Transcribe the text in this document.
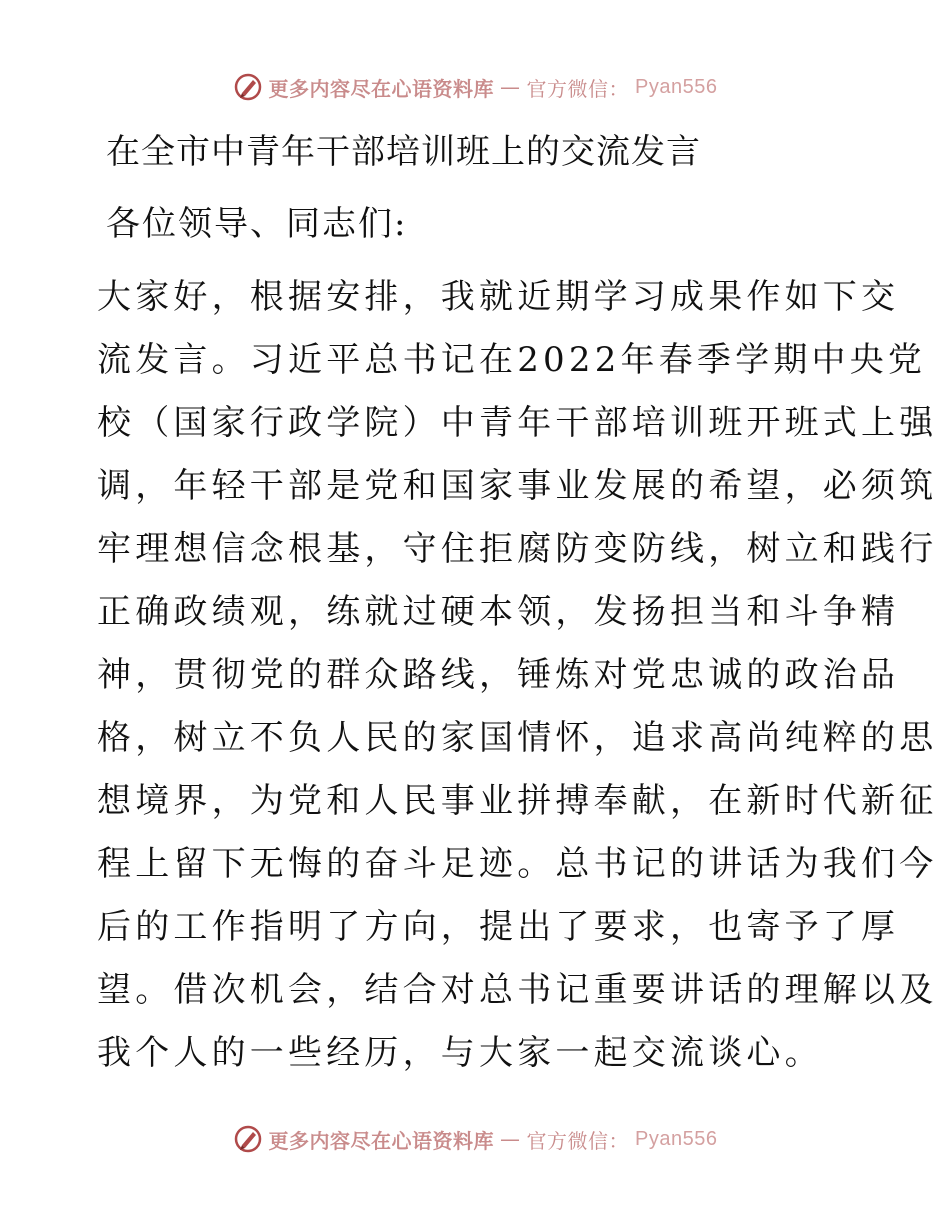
更多内容尽在心语资料库 — 官方微信： Pyan556
在全市中青年干部培训班上的交流发言
各位领导、同志们:
大家好，根据安排，我就近期学习成果作如下交
流发言。习近平总书记在2022年春季学期中央党
校（国家行政学院）中青年干部培训班开班式上强
调，年轻干部是党和国家事业发展的希望，必须筑
牢理想信念根基，守住拒腐防变防线，树立和践行
正确政绩观，练就过硬本领，发扬担当和斗争精
神，贯彻党的群众路线，锤炼对党忠诚的政治品
格，树立不负人民的家国情怀，追求高尚纯粹的思
想境界，为党和人民事业拼搏奉献，在新时代新征
程上留下无悔的奋斗足迹。总书记的讲话为我们今
后的工作指明了方向，提出了要求，也寄予了厚
望。借次机会，结合对总书记重要讲话的理解以及
我个人的一些经历，与大家一起交流谈心。
更多内容尽在心语资料库 — 官方微信： Pyan556
